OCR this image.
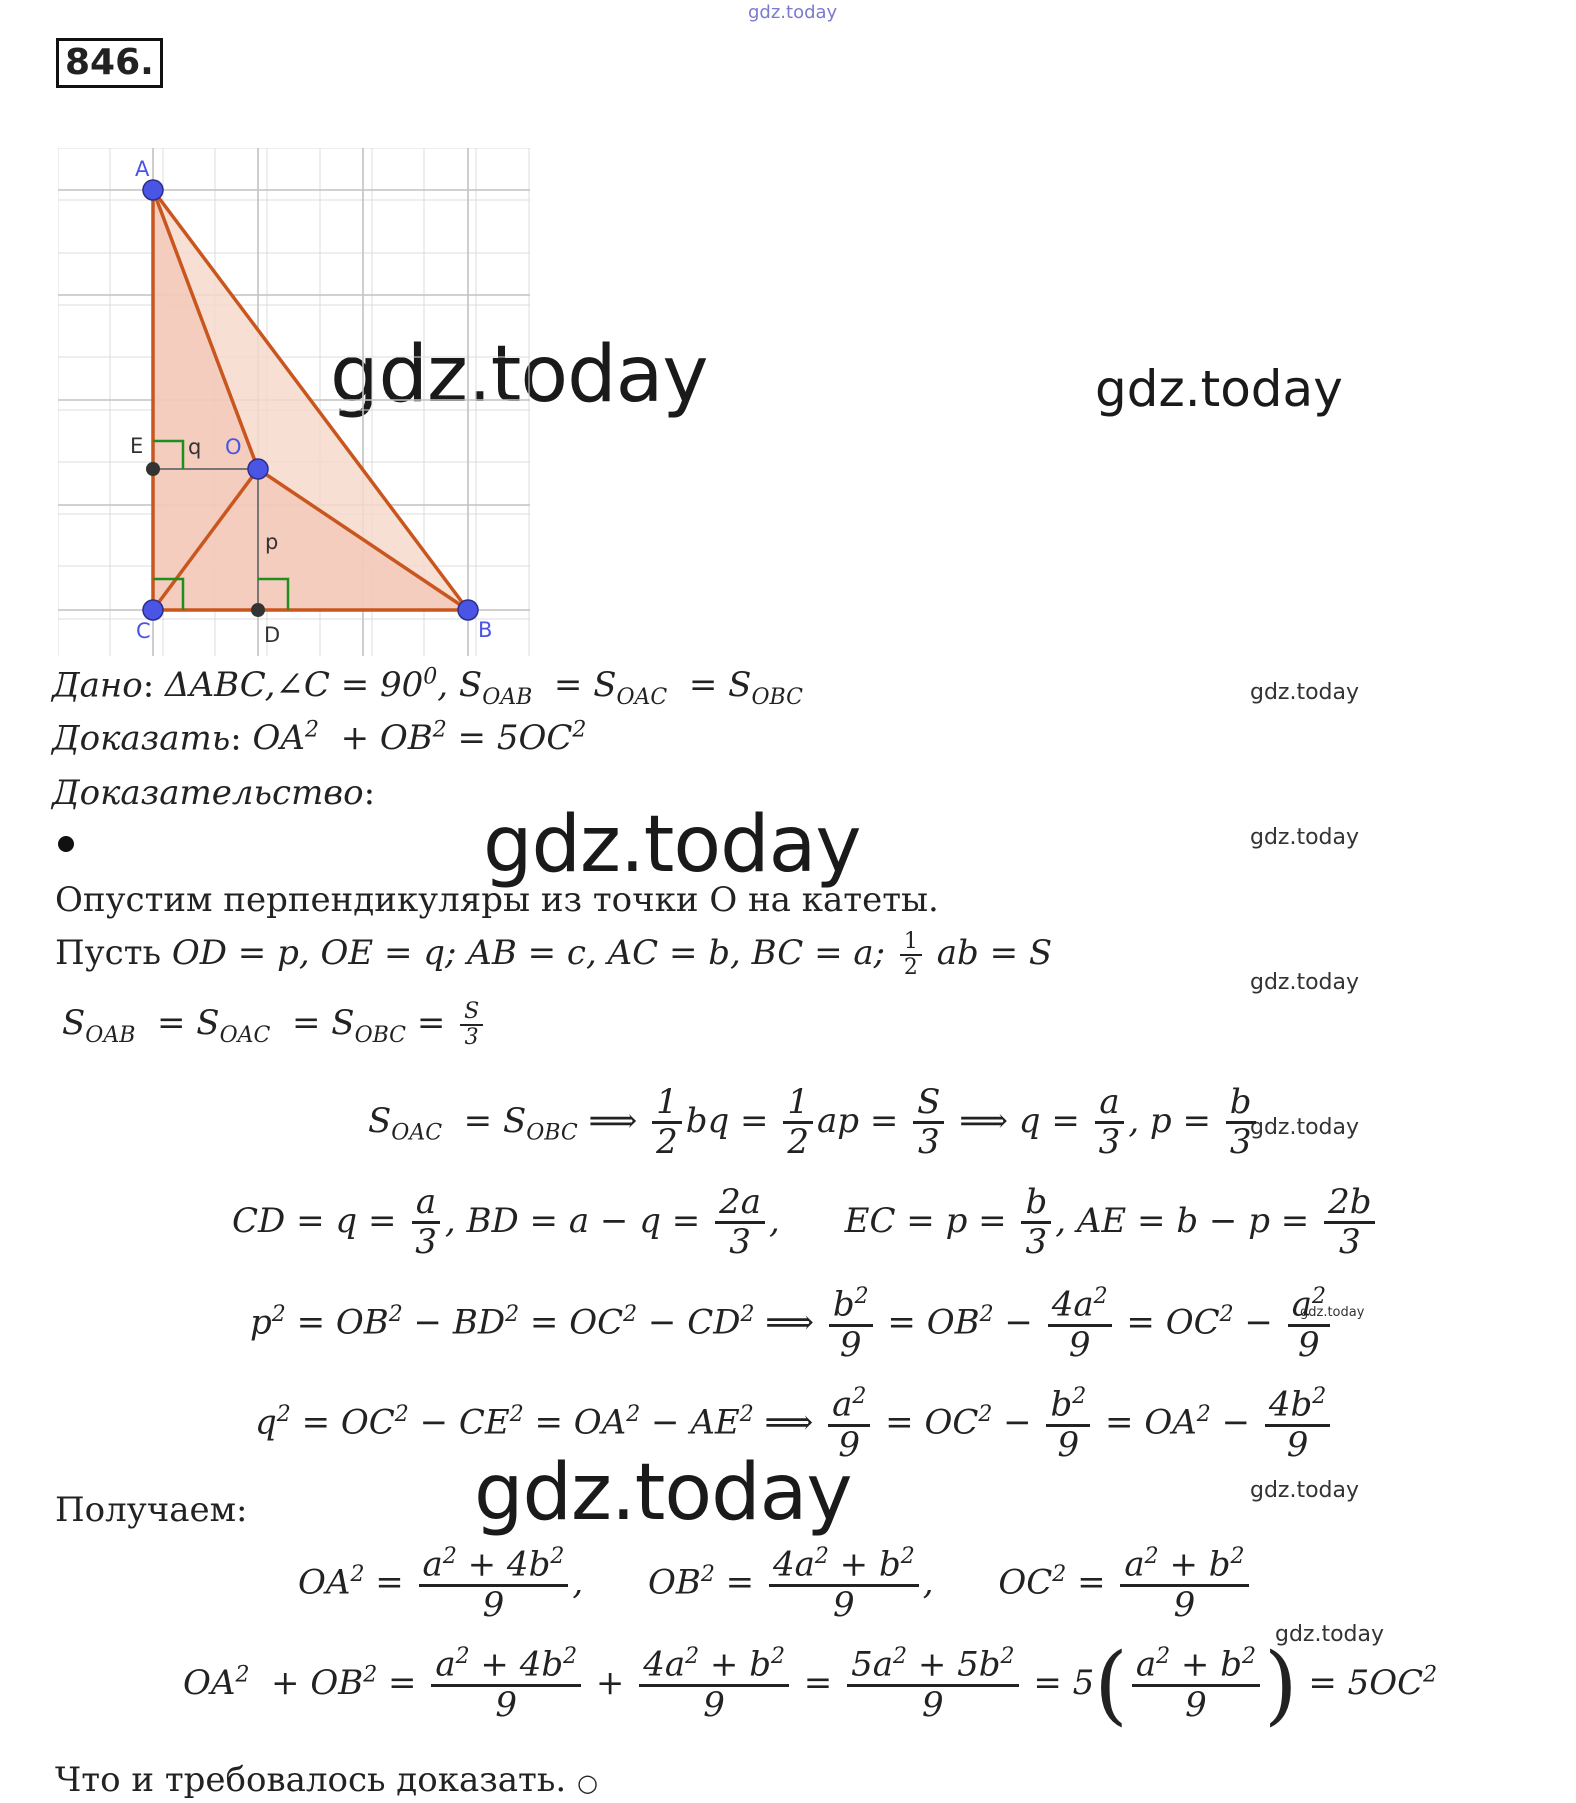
gdz.today
gdz.today	gdz.today
gdz.today
gdz.today
gdz.today
gdz.today
gdz.today
gdz.today
gdz.today
gdz.today
gdz.today
846.
A
C	B
O
E
D
q
p
Дано: ΔABC,∠C = $90^0$, $S_{OAB} = S_{OAC} = S_{OBC}$
Доказать: $OA^2 + OB^2 = 5OC^2$
Доказательство:
Опустим перпендикуляры из точки O на катеты.
Пусть OD = p, OE = q; AB = c, AC = b, BC = a; $\frac{1}{2}$ ab = S
$S_{OAB} = S_{OAC} = S_{OBC} = \frac{S}{3}$
$S_{OAC} = S_{OBC}$ ⟹ $\frac{1}{2}$ bq = $\frac{1}{2}$ ap = $\frac{S}{3}$ ⟹ $q = \frac{a}{3}$ , $p = \frac{b}{3}$
CD = $q = \frac{a}{3}$ , BD = $a - q = \frac{2a}{3}$ ,      EC = $p = \frac{b}{3}$ , AE = $b - p = \frac{2b}{3}$
$p^2 = OB^2 - BD^2 = OC^2 - CD^2$ ⟹ $\frac{b^2}{9} = OB^2 - \frac{4a^2}{9} = OC^2 - \frac{a^2}{9}$
$q^2 = OC^2 - CE^2 = OA^2 - AE^2$ ⟹ $\frac{a^2}{9} = OC^2 - \frac{b^2}{9} = OA^2 - \frac{4b^2}{9}$
Получаем:
$OA^2 = \frac{a^2 + 4b^2}{9}$ ,      $OB^2 = \frac{4a^2 + b^2}{9}$ ,      $OC^2 = \frac{a^2 + b^2}{9}$
$OA^2 + OB^2 = \frac{a^2 + 4b^2}{9} + \frac{4a^2 + b^2}{9} = \frac{5a^2 + 5b^2}{9} = 5( \frac{a^2 + b^2}{9}$ ) = $5OC^2$
Что и требовалось доказать. ○
